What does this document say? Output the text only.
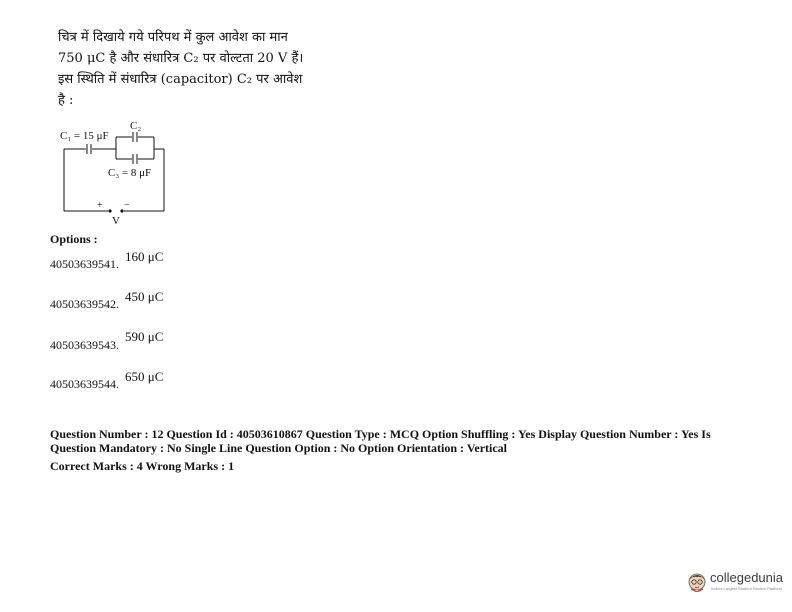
चित्र में दिखाये गये परिपथ में कुल आवेश का मान
750 μC है और संधारित्र C₂ पर वोल्टता 20 V हैं।
इस स्थिति में संधारित्र (capacitor) C₂ पर आवेश
है :
C₁ = 15 μF
C₂
C₃ = 8 μF
+ −
V
Options :
40503639541. 160 μC
40503639542. 450 μC
40503639543.
590 μC
40503639544. 650 μC
Question Number : 12 Question Id : 40503610867 Question Type : MCQ Option Shuffling : Yes Display Question Number : Yes Is
Question Mandatory : No Single Line Question Option : No Option Orientation : Vertical
Correct Marks : 4 Wrong Marks : 1
collegedunia
India's Largest Student Review Platform
